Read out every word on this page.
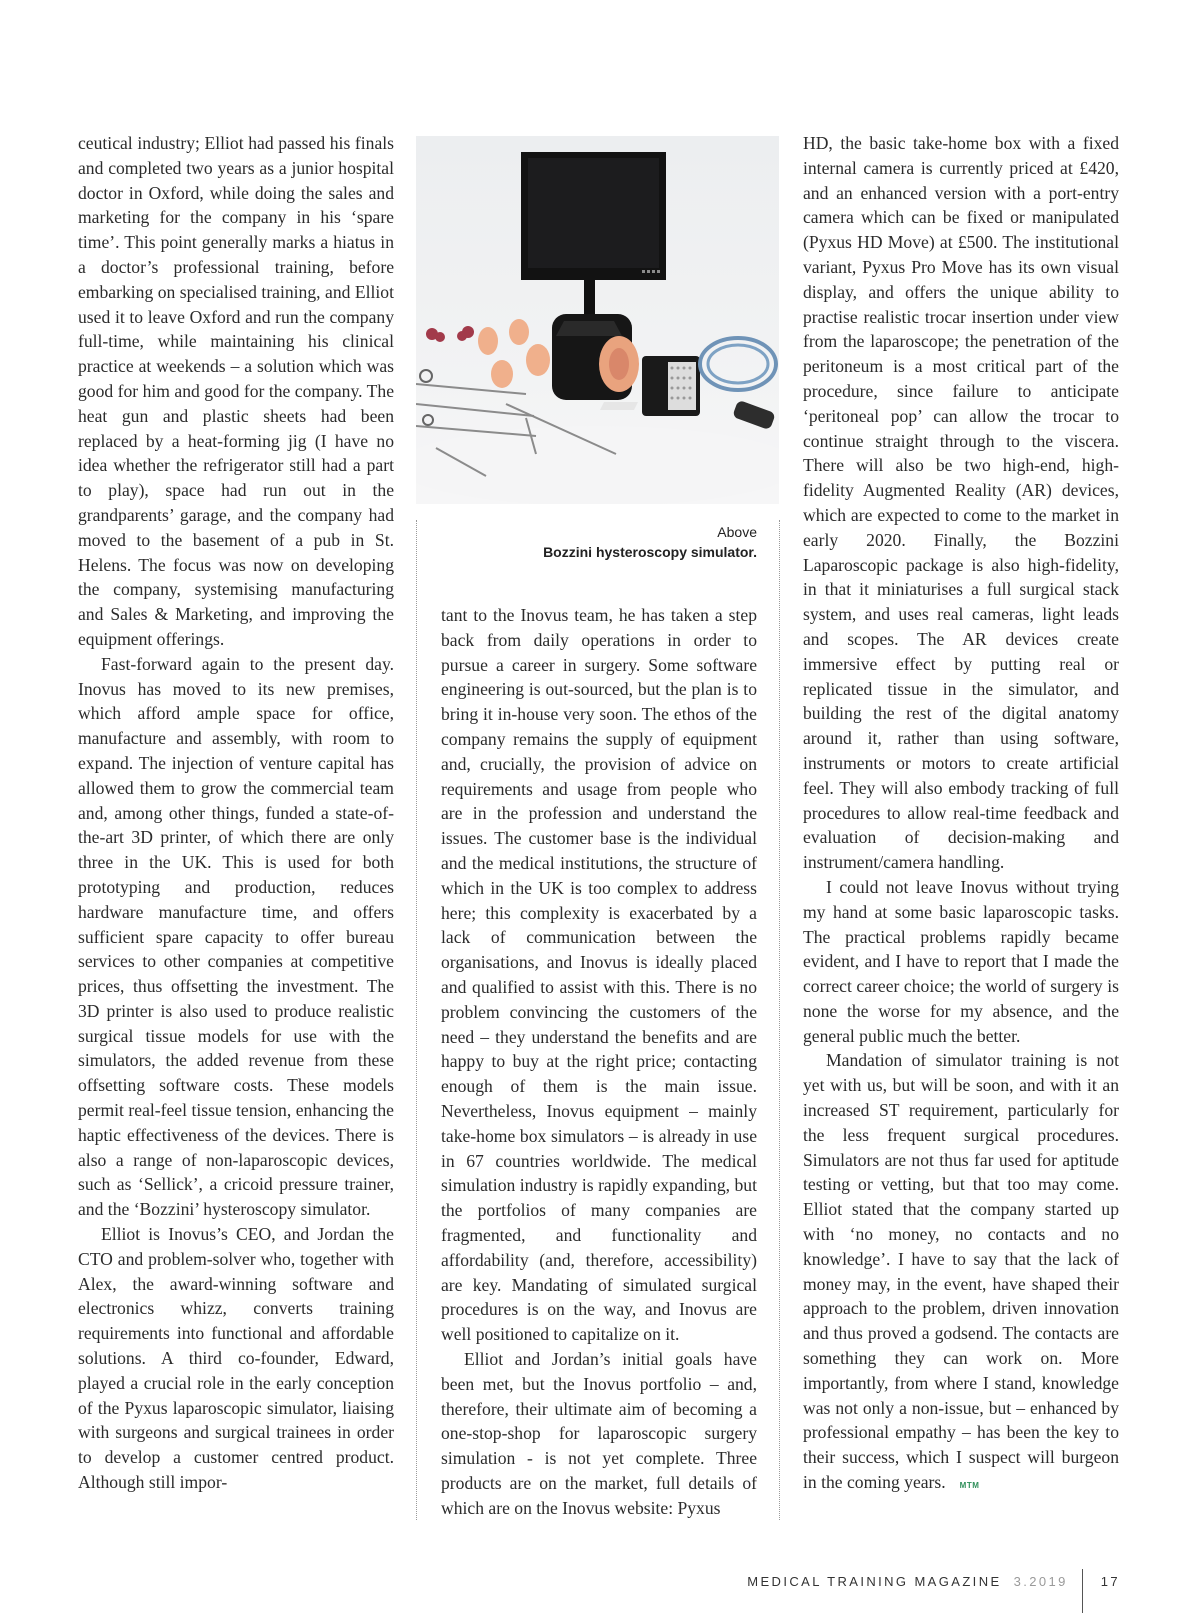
ceutical industry; Elliot had passed his finals and completed two years as a junior hospital doctor in Oxford, while doing the sales and marketing for the company in his ‘spare time’. This point generally marks a hiatus in a doctor’s professional training, before embarking on specialised training, and Elliot used it to leave Oxford and run the company full-time, while maintaining his clinical practice at weekends – a solution which was good for him and good for the company. The heat gun and plastic sheets had been replaced by a heat-forming jig (I have no idea whether the refrigerator still had a part to play), space had run out in the grandparents’ garage, and the company had moved to the basement of a pub in St. Helens. The focus was now on developing the company, systemising manufacturing and Sales & Marketing, and improving the equipment offerings.

Fast-forward again to the present day. Inovus has moved to its new premises, which afford ample space for office, manufacture and assembly, with room to expand. The injection of venture capital has allowed them to grow the commercial team and, among other things, funded a state-of-the-art 3D printer, of which there are only three in the UK. This is used for both prototyping and production, reduces hardware manufacture time, and offers sufficient spare capacity to offer bureau services to other companies at competitive prices, thus offsetting the investment. The 3D printer is also used to produce realistic surgical tissue models for use with the simulators, the added revenue from these offsetting software costs. These models permit real-feel tissue tension, enhancing the haptic effectiveness of the devices. There is also a range of non-laparoscopic devices, such as ‘Sellick’, a cricoid pressure trainer, and the ‘Bozzini’ hysteroscopy simulator.

Elliot is Inovus’s CEO, and Jordan the CTO and problem-solver who, together with Alex, the award-winning software and electronics whizz, converts training requirements into functional and affordable solutions. A third co-founder, Edward, played a crucial role in the early conception of the Pyxus laparoscopic simulator, liaising with surgeons and surgical trainees in order to develop a customer centred product. Although still impor-

Above
Bozzini hysteroscopy simulator.

tant to the Inovus team, he has taken a step back from daily operations in order to pursue a career in surgery. Some software engineering is out-sourced, but the plan is to bring it in-house very soon. The ethos of the company remains the supply of equipment and, crucially, the provision of advice on requirements and usage from people who are in the profession and understand the issues. The customer base is the individual and the medical institutions, the structure of which in the UK is too complex to address here; this complexity is exacerbated by a lack of communication between the organisations, and Inovus is ideally placed and qualified to assist with this. There is no problem convincing the customers of the need – they understand the benefits and are happy to buy at the right price; contacting enough of them is the main issue. Nevertheless, Inovus equipment – mainly take-home box simulators – is already in use in 67 countries worldwide. The medical simulation industry is rapidly expanding, but the portfolios of many companies are fragmented, and functionality and affordability (and, therefore, accessibility) are key. Mandating of simulated surgical procedures is on the way, and Inovus are well positioned to capitalize on it.

Elliot and Jordan’s initial goals have been met, but the Inovus portfolio – and, therefore, their ultimate aim of becoming a one-stop-shop for laparoscopic surgery simulation - is not yet complete. Three products are on the market, full details of which are on the Inovus website: Pyxus

HD, the basic take-home box with a fixed internal camera is currently priced at £420, and an enhanced version with a port-entry camera which can be fixed or manipulated (Pyxus HD Move) at £500. The institutional variant, Pyxus Pro Move has its own visual display, and offers the unique ability to practise realistic trocar insertion under view from the laparoscope; the penetration of the peritoneum is a most critical part of the procedure, since failure to anticipate ‘peritoneal pop’ can allow the trocar to continue straight through to the viscera. There will also be two high-end, high-fidelity Augmented Reality (AR) devices, which are expected to come to the market in early 2020. Finally, the Bozzini Laparoscopic package is also high-fidelity, in that it miniaturises a full surgical stack system, and uses real cameras, light leads and scopes. The AR devices create immersive effect by putting real or replicated tissue in the simulator, and building the rest of the digital anatomy around it, rather than using software, instruments or motors to create artificial feel. They will also embody tracking of full procedures to allow real-time feedback and evaluation of decision-making and instrument/camera handling.

I could not leave Inovus without trying my hand at some basic laparoscopic tasks. The practical problems rapidly became evident, and I have to report that I made the correct career choice; the world of surgery is none the worse for my absence, and the general public much the better.

Mandation of simulator training is not yet with us, but will be soon, and with it an increased ST requirement, particularly for the less frequent surgical procedures. Simulators are not thus far used for aptitude testing or vetting, but that too may come. Elliot stated that the company started up with ‘no money, no contacts and no knowledge’. I have to say that the lack of money may, in the event, have shaped their approach to the problem, driven innovation and thus proved a godsend. The contacts are something they can work on. More importantly, from where I stand, knowledge was not only a non-issue, but – enhanced by professional empathy – has been the key to their success, which I suspect will burgeon in the coming years. MTM

MEDICAL TRAINING MAGAZINE 3.2019	17
